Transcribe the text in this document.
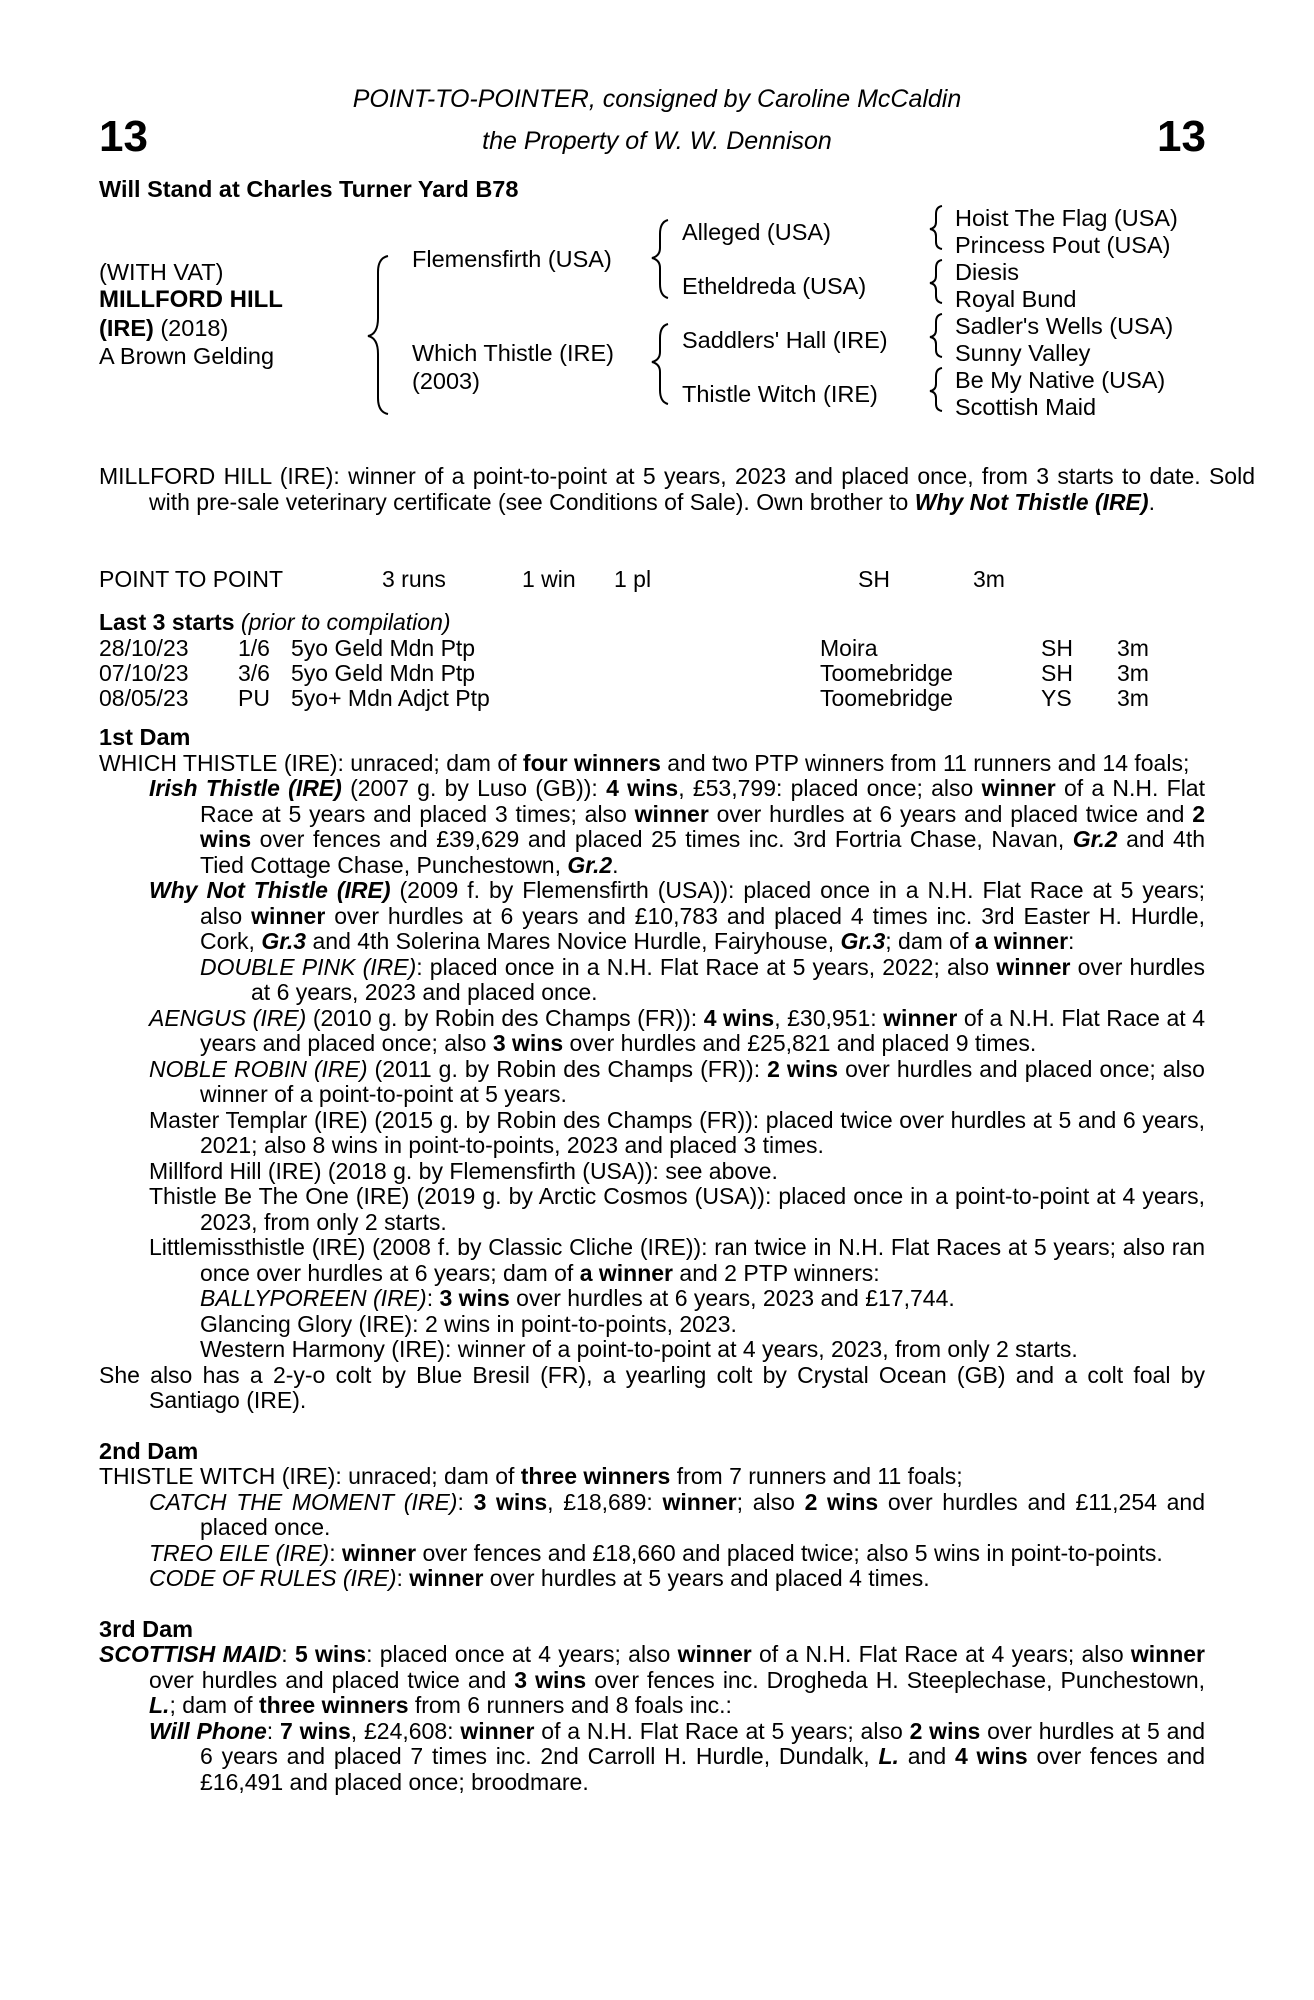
13	13
POINT-TO-POINTER, consigned by Caroline McCaldin
the Property of W. W. Dennison
Will Stand at Charles Turner Yard B78
(WITH VAT)
MILLFORD HILL
(IRE) (2018)
A Brown Gelding
Flemensfirth (USA)
Which Thistle (IRE)
(2003)
Alleged (USA)
Etheldreda (USA)
Saddlers' Hall (IRE)
Thistle Witch (IRE)
Hoist The Flag (USA)
Princess Pout (USA)
Diesis
Royal Bund
Sadler's Wells (USA)
Sunny Valley
Be My Native (USA)
Scottish Maid
MILLFORD HILL (IRE): winner of a point-to-point at 5 years, 2023 and placed once, from 3 starts to date. Sold with pre-sale veterinary certificate (see Conditions of Sale). Own brother to Why Not Thistle (IRE).
POINT TO POINT	3 runs	1 win 1 pl	SH	3m
Last 3 starts (prior to compilation)
28/10/23 1/6 5yo Geld Mdn Ptp	Moira	SH 3m
07/10/23 3/6 5yo Geld Mdn Ptp	Toomebridge	SH 3m
08/05/23 PU 5yo+ Mdn Adjct Ptp	Toomebridge	YS 3m
1st Dam
WHICH THISTLE (IRE): unraced; dam of four winners and two PTP winners from 11 runners and 14 foals;
Irish Thistle (IRE) (2007 g. by Luso (GB)): 4 wins, £53,799: placed once; also winner of a N.H. Flat Race at 5 years and placed 3 times; also winner over hurdles at 6 years and placed twice and 2 wins over fences and £39,629 and placed 25 times inc. 3rd Fortria Chase, Navan, Gr.2 and 4th Tied Cottage Chase, Punchestown, Gr.2.
Why Not Thistle (IRE) (2009 f. by Flemensfirth (USA)): placed once in a N.H. Flat Race at 5 years; also winner over hurdles at 6 years and £10,783 and placed 4 times inc. 3rd Easter H. Hurdle, Cork, Gr.3 and 4th Solerina Mares Novice Hurdle, Fairyhouse, Gr.3; dam of a winner:
DOUBLE PINK (IRE): placed once in a N.H. Flat Race at 5 years, 2022; also winner over hurdles at 6 years, 2023 and placed once.
AENGUS (IRE) (2010 g. by Robin des Champs (FR)): 4 wins, £30,951: winner of a N.H. Flat Race at 4 years and placed once; also 3 wins over hurdles and £25,821 and placed 9 times.
NOBLE ROBIN (IRE) (2011 g. by Robin des Champs (FR)): 2 wins over hurdles and placed once; also winner of a point-to-point at 5 years.
Master Templar (IRE) (2015 g. by Robin des Champs (FR)): placed twice over hurdles at 5 and 6 years, 2021; also 8 wins in point-to-points, 2023 and placed 3 times.
Millford Hill (IRE) (2018 g. by Flemensfirth (USA)): see above.
Thistle Be The One (IRE) (2019 g. by Arctic Cosmos (USA)): placed once in a point-to-point at 4 years, 2023, from only 2 starts.
Littlemissthistle (IRE) (2008 f. by Classic Cliche (IRE)): ran twice in N.H. Flat Races at 5 years; also ran once over hurdles at 6 years; dam of a winner and 2 PTP winners:
BALLYPOREEN (IRE): 3 wins over hurdles at 6 years, 2023 and £17,744.
Glancing Glory (IRE): 2 wins in point-to-points, 2023.
Western Harmony (IRE): winner of a point-to-point at 4 years, 2023, from only 2 starts.
She also has a 2-y-o colt by Blue Bresil (FR), a yearling colt by Crystal Ocean (GB) and a colt foal by Santiago (IRE).
2nd Dam
THISTLE WITCH (IRE): unraced; dam of three winners from 7 runners and 11 foals;
CATCH THE MOMENT (IRE): 3 wins, £18,689: winner; also 2 wins over hurdles and £11,254 and placed once.
TREO EILE (IRE): winner over fences and £18,660 and placed twice; also 5 wins in point-to-points.
CODE OF RULES (IRE): winner over hurdles at 5 years and placed 4 times.
3rd Dam
SCOTTISH MAID: 5 wins: placed once at 4 years; also winner of a N.H. Flat Race at 4 years; also winner over hurdles and placed twice and 3 wins over fences inc. Drogheda H. Steeplechase, Punchestown, L.; dam of three winners from 6 runners and 8 foals inc.:
Will Phone: 7 wins, £24,608: winner of a N.H. Flat Race at 5 years; also 2 wins over hurdles at 5 and 6 years and placed 7 times inc. 2nd Carroll H. Hurdle, Dundalk, L. and 4 wins over fences and £16,491 and placed once; broodmare.
